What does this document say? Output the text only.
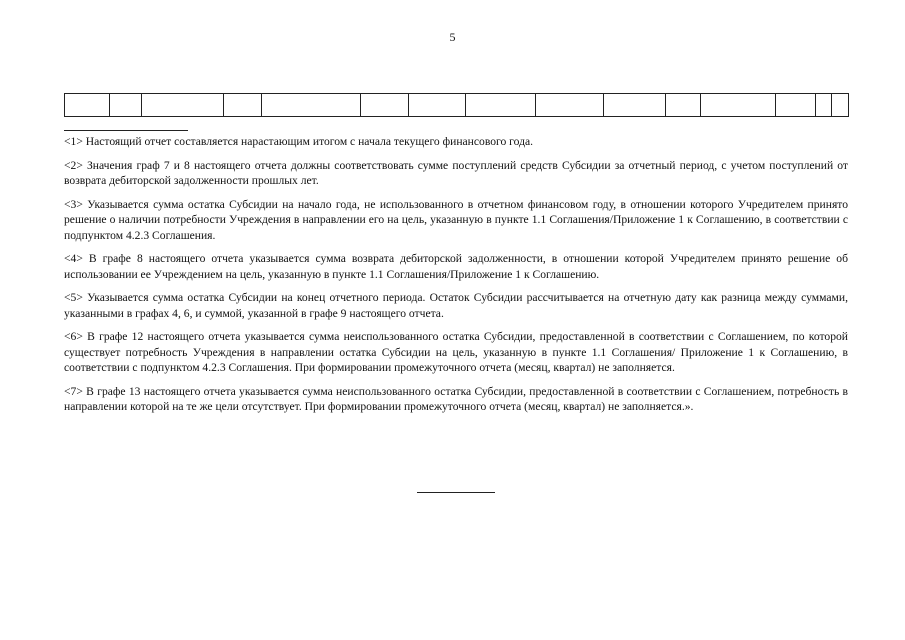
5

<1> Настоящий отчет составляется нарастающим итогом с начала текущего финансового года.

<2> Значения граф 7 и 8 настоящего отчета должны соответствовать сумме поступлений средств Субсидии за отчетный период, с учетом поступлений от возврата дебиторской задолженности прошлых лет.

<3> Указывается сумма остатка Субсидии на начало года, не использованного в отчетном финансовом году, в отношении которого Учредителем принято решение о наличии потребности Учреждения в направлении его на цель, указанную в пункте 1.1 Соглашения/Приложение 1 к Соглашению, в соответствии с подпунктом 4.2.3 Соглашения.

<4> В графе 8 настоящего отчета указывается сумма возврата дебиторской задолженности, в отношении которой Учредителем принято решение об использовании ее Учреждением на цель, указанную в пункте 1.1 Соглашения/Приложение 1 к Соглашению.

<5> Указывается сумма остатка Субсидии на конец отчетного периода. Остаток Субсидии рассчитывается на отчетную дату как разница между суммами, указанными в графах 4, 6, и суммой, указанной в графе 9 настоящего отчета.

<6> В графе 12 настоящего отчета указывается сумма неиспользованного остатка Субсидии, предоставленной в соответствии с Соглашением, по которой существует потребность Учреждения в направлении остатка Субсидии на цель, указанную в пункте 1.1 Соглашения/ Приложение 1 к Соглашению, в соответствии с подпунктом 4.2.3 Соглашения. При формировании промежуточного отчета (месяц, квартал) не заполняется.

<7> В графе 13 настоящего отчета указывается сумма неиспользованного остатка Субсидии, предоставленной в соответствии с Соглашением, потребность в направлении которой на те же цели отсутствует. При формировании промежуточного отчета (месяц, квартал) не заполняется.».
